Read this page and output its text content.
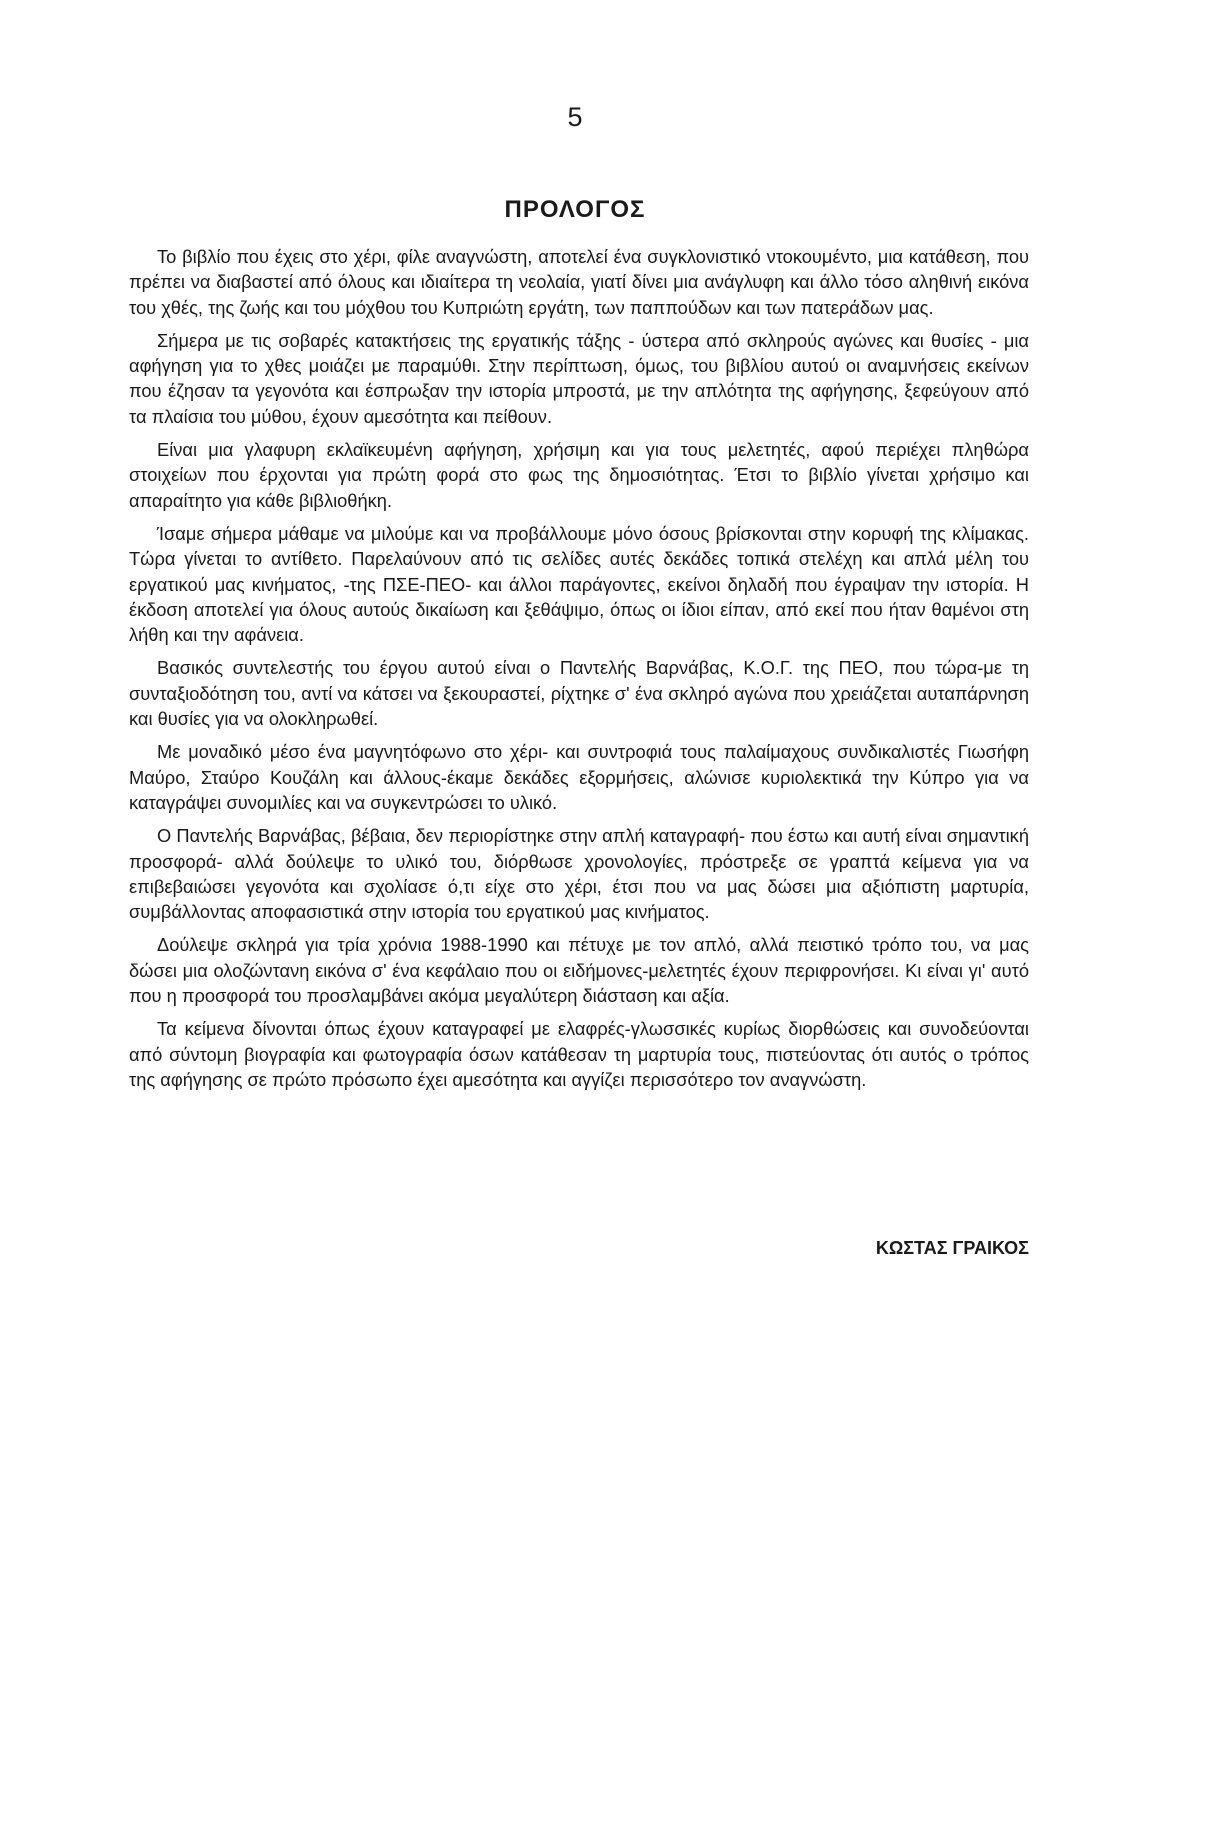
5
ΠΡΟΛΟΓΟΣ

Το βιβλίο που έχεις στο χέρι, φίλε αναγνώστη, αποτελεί ένα συγκλονιστικό ντοκουμέντο, μια κατάθεση, που πρέπει να διαβαστεί από όλους και ιδιαίτερα τη νεολαία, γιατί δίνει μια ανάγλυφη και άλλο τόσο αληθινή εικόνα του χθές, της ζωής και του μόχθου του Κυπριώτη εργάτη, των παππούδων και των πατεράδων μας.

Σήμερα με τις σοβαρές κατακτήσεις της εργατικής τάξης - ύστερα από σκληρούς αγώνες και θυσίες - μια αφήγηση για το χθες μοιάζει με παραμύθι. Στην περίπτωση, όμως, του βιβλίου αυτού οι αναμνήσεις εκείνων που έζησαν τα γεγονότα και έσπρωξαν την ιστορία μπροστά, με την απλότητα της αφήγησης, ξεφεύγουν από τα πλαίσια του μύθου, έχουν αμεσότητα και πείθουν.

Είναι μια γλαφυρη εκλαϊκευμένη αφήγηση, χρήσιμη και για τους μελετητές, αφού περιέχει πληθώρα στοιχείων που έρχονται για πρώτη φορά στο φως της δημοσιότητας. Έτσι το βιβλίο γίνεται χρήσιμο και απαραίτητο για κάθε βιβλιοθήκη.

Ίσαμε σήμερα μάθαμε να μιλούμε και να προβάλλουμε μόνο όσους βρίσκονται στην κορυφή της κλίμακας. Τώρα γίνεται το αντίθετο. Παρελαύνουν από τις σελίδες αυτές δεκάδες τοπικά στελέχη και απλά μέλη του εργατικού μας κινήματος, -της ΠΣΕ-ΠΕΟ- και άλλοι παράγοντες, εκείνοι δηλαδή που έγραψαν την ιστορία. Η έκδοση αποτελεί για όλους αυτούς δικαίωση και ξεθάψιμο, όπως οι ίδιοι είπαν, από εκεί που ήταν θαμένοι στη λήθη και την αφάνεια.

Βασικός συντελεστής του έργου αυτού είναι ο Παντελής Βαρνάβας, Κ.Ο.Γ. της ΠΕΟ, που τώρα-με τη συνταξιοδότηση του, αντί να κάτσει να ξεκουραστεί, ρίχτηκε σ' ένα σκληρό αγώνα που χρειάζεται αυταπάρνηση και θυσίες για να ολοκληρωθεί.

Με μοναδικό μέσο ένα μαγνητόφωνο στο χέρι- και συντροφιά τους παλαίμαχους συνδικαλιστές Γιωσήφη Μαύρο, Σταύρο Κουζάλη και άλλους-έκαμε δεκάδες εξορμήσεις, αλώνισε κυριολεκτικά την Κύπρο για να καταγράψει συνομιλίες και να συγκεντρώσει το υλικό.

Ο Παντελής Βαρνάβας, βέβαια, δεν περιορίστηκε στην απλή καταγραφή- που έστω και αυτή είναι σημαντική προσφορά- αλλά δούλεψε το υλικό του, διόρθωσε χρονολογίες, πρόστρεξε σε γραπτά κείμενα για να επιβεβαιώσει γεγονότα και σχολίασε ό,τι είχε στο χέρι, έτσι που να μας δώσει μια αξιόπιστη μαρτυρία, συμβάλλοντας αποφασιστικά στην ιστορία του εργατικού μας κινήματος.

Δούλεψε σκληρά για τρία χρόνια 1988-1990 και πέτυχε με τον απλό, αλλά πειστικό τρόπο του, να μας δώσει μια ολοζώντανη εικόνα σ' ένα κεφάλαιο που οι ειδήμονες-μελετητές έχουν περιφρονήσει. Κι είναι γι' αυτό που η προσφορά του προσλαμβάνει ακόμα μεγαλύτερη διάσταση και αξία.

Τα κείμενα δίνονται όπως έχουν καταγραφεί με ελαφρές-γλωσσικές κυρίως διορθώσεις και συνοδεύονται από σύντομη βιογραφία και φωτογραφία όσων κατάθεσαν τη μαρτυρία τους, πιστεύοντας ότι αυτός ο τρόπος της αφήγησης σε πρώτο πρόσωπο έχει αμεσότητα και αγγίζει περισσότερο τον αναγνώστη.

ΚΩΣΤΑΣ ΓΡΑΙΚΟΣ
